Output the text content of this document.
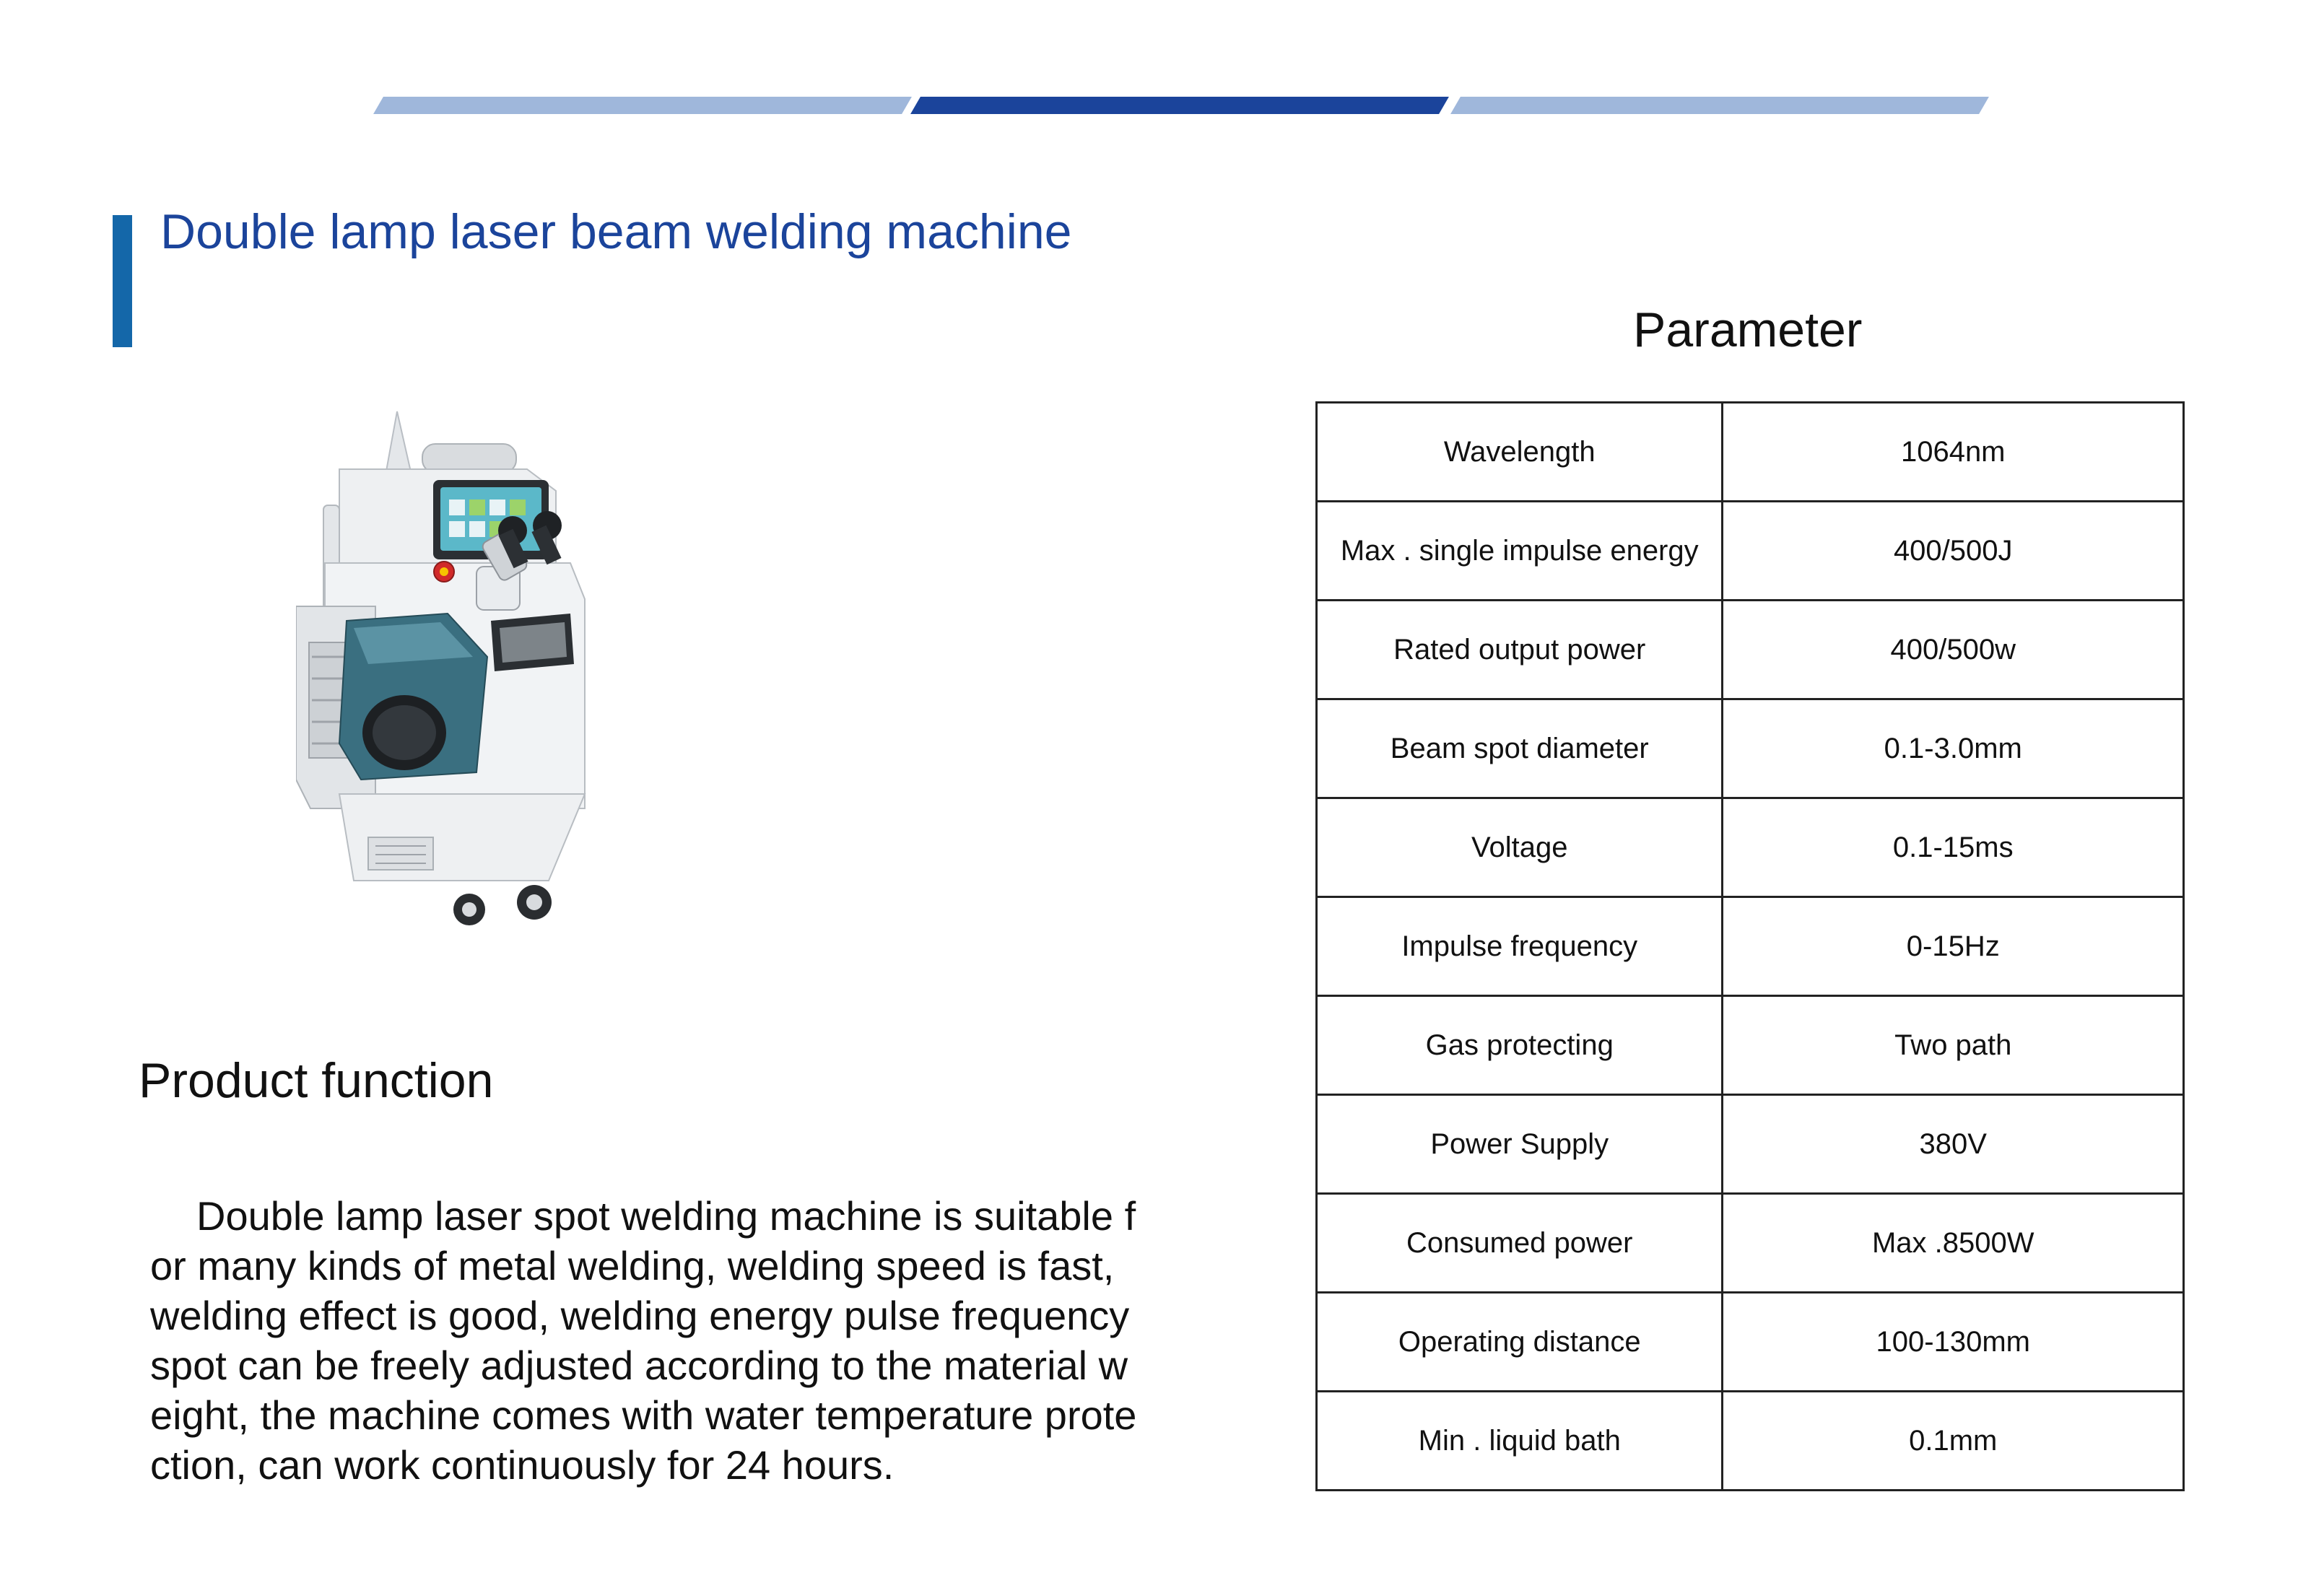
Double lamp laser beam welding machine
Parameter
Product function
Double lamp laser spot welding machine is suitable for many kinds of metal welding, welding speed is fast, welding effect is good, welding energy pulse frequency spot can be freely adjusted according to the material weight, the machine comes with water temperature protection, can work continuously for 24 hours.
Wavelength	1064nm
Max . single impulse energy	400/500J
Rated output power	400/500w
Beam spot diameter	0.1-3.0mm
Voltage	0.1-15ms
Impulse frequency	0-15Hz
Gas protecting	Two path
Power Supply	380V
Consumed power	Max .8500W
Operating distance	100-130mm
Min . liquid bath	0.1mm
